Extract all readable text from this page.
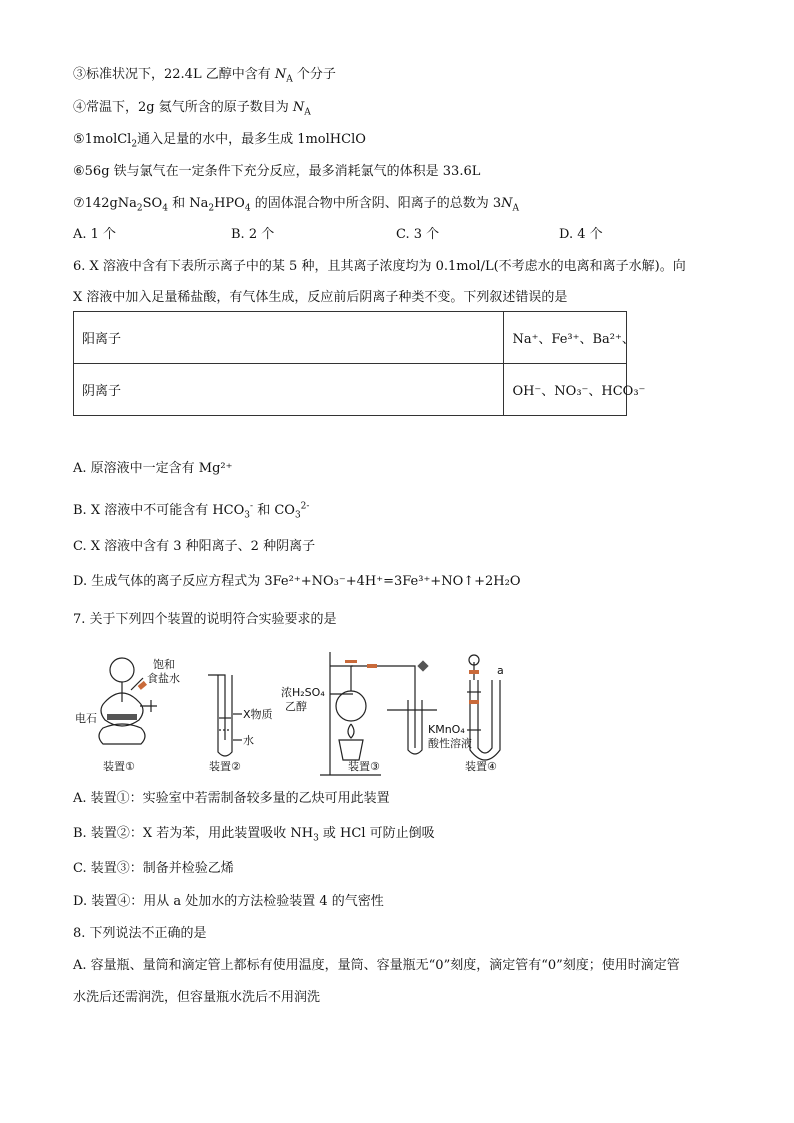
③标准状况下，22.4L 乙醇中含有 $N_A$ 个分子
④常温下，2g 氦气所含的原子数目为 $N_A$
⑤1molCl$_2$通入足量的水中，最多生成 1molHClO
⑥56g 铁与氯气在一定条件下充分反应，最多消耗氯气的体积是 33.6L
$⑦142gNa_2SO_4$ 和 $Na_2HPO_4$ 的固体混合物中所含阴、阳离子的总数为 $3N_A$
A. 1 个	B. 2 个	C. 3 个	D. 4 个
6. X 溶液中含有下表所示离子中的某 5 种，且其离子浓度均为 0.1mol/L(不考虑水的电离和离子水解)。向
X 溶液中加入足量稀盐酸，有气体生成，反应前后阴离子种类不变。下列叙述错误的是
阳离子	Na⁺、Fe³⁺、Ba²⁺、
阴离子	OH⁻、NO₃⁻、HCO₃⁻
A. 原溶液中一定含有 Mg²⁺
B. X 溶液中不可能含有 $HCO_3^-$ 和 $CO_3^{2-}$
C. X 溶液中含有 3 种阳离子、2 种阴离子
D. 生成气体的离子反应方程式为 3Fe²⁺+NO₃⁻+4H⁺=3Fe³⁺+NO↑+2H₂O
7. 关于下列四个装置的说明符合实验要求的是
饱和
食盐水
电石	X物质
水
浓H₂SO₄
乙醇
KMnO₄
酸性溶液
a
装置①	装置②	装置④
装置③
A. 装置①：实验室中若需制备较多量的乙炔可用此装置
B. 装置②：X 若为苯，用此装置吸收 $NH_3$ 或 HCl 可防止倒吸
C. 装置③：制备并检验乙烯
D. 装置④：用从 a 处加水的方法检验装置 4 的气密性
8. 下列说法不正确的是
A. 容量瓶、量筒和滴定管上都标有使用温度，量筒、容量瓶无“0”刻度，滴定管有“0”刻度；使用时滴定管
水洗后还需润洗，但容量瓶水洗后不用润洗
